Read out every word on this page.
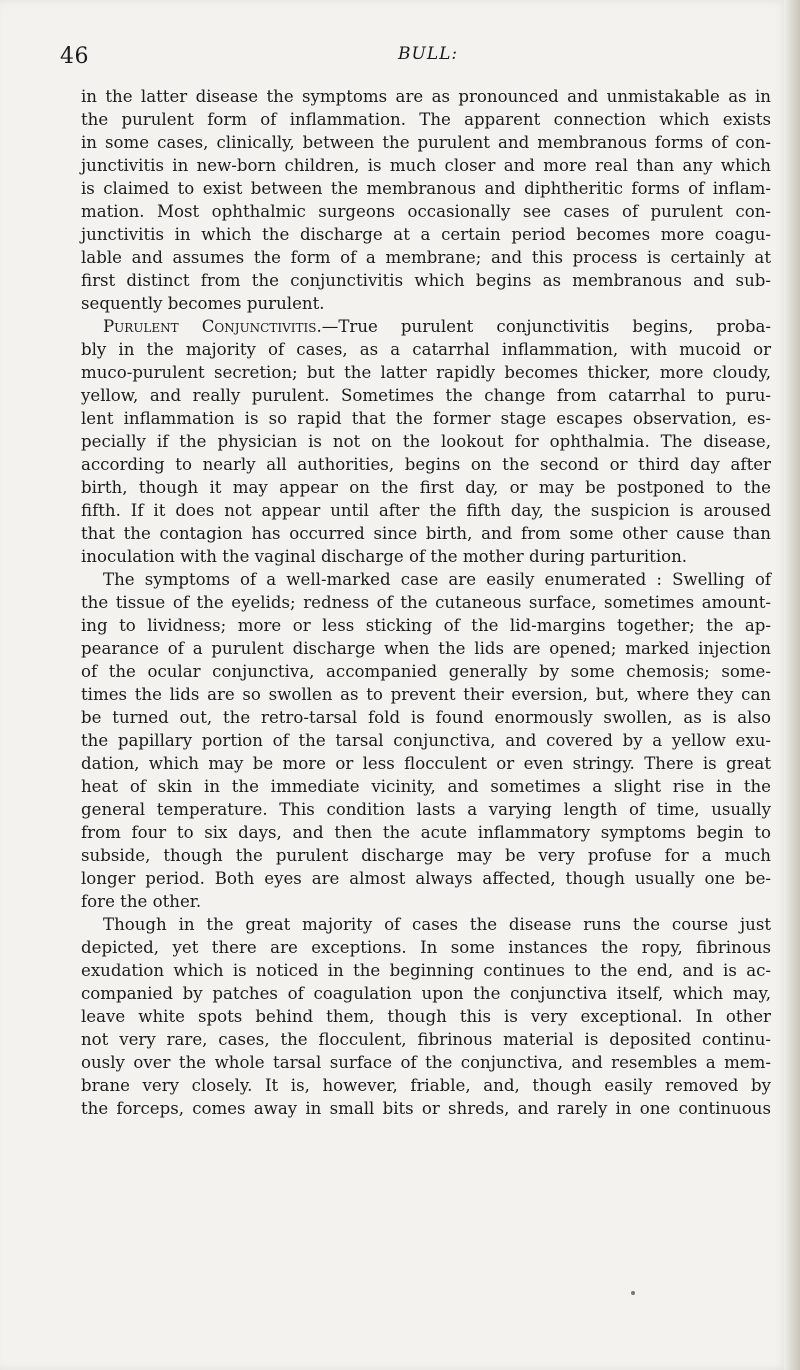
46	BULL:
in the latter disease the symptoms are as pronounced and unmistakable as in
the purulent form of inflammation. The apparent connection which exists
in some cases, clinically, between the purulent and membranous forms of con-
junctivitis in new-born children, is much closer and more real than any which
is claimed to exist between the membranous and diphtheritic forms of inflam-
mation. Most ophthalmic surgeons occasionally see cases of purulent con-
junctivitis in which the discharge at a certain period becomes more coagu-
lable and assumes the form of a membrane; and this process is certainly at
first distinct from the conjunctivitis which begins as membranous and sub-
sequently becomes purulent.
Purulent Conjunctivitis.—True purulent conjunctivitis begins, proba-
bly in the majority of cases, as a catarrhal inflammation, with mucoid or
muco-purulent secretion; but the latter rapidly becomes thicker, more cloudy,
yellow, and really purulent. Sometimes the change from catarrhal to puru-
lent inflammation is so rapid that the former stage escapes observation, es-
pecially if the physician is not on the lookout for ophthalmia. The disease,
according to nearly all authorities, begins on the second or third day after
birth, though it may appear on the first day, or may be postponed to the
fifth. If it does not appear until after the fifth day, the suspicion is aroused
that the contagion has occurred since birth, and from some other cause than
inoculation with the vaginal discharge of the mother during parturition.
The symptoms of a well-marked case are easily enumerated : Swelling of
the tissue of the eyelids; redness of the cutaneous surface, sometimes amount-
ing to lividness; more or less sticking of the lid-margins together; the ap-
pearance of a purulent discharge when the lids are opened; marked injection
of the ocular conjunctiva, accompanied generally by some chemosis; some-
times the lids are so swollen as to prevent their eversion, but, where they can
be turned out, the retro-tarsal fold is found enormously swollen, as is also
the papillary portion of the tarsal conjunctiva, and covered by a yellow exu-
dation, which may be more or less flocculent or even stringy. There is great
heat of skin in the immediate vicinity, and sometimes a slight rise in the
general temperature. This condition lasts a varying length of time, usually
from four to six days, and then the acute inflammatory symptoms begin to
subside, though the purulent discharge may be very profuse for a much
longer period. Both eyes are almost always affected, though usually one be-
fore the other.
Though in the great majority of cases the disease runs the course just
depicted, yet there are exceptions. In some instances the ropy, fibrinous
exudation which is noticed in the beginning continues to the end, and is ac-
companied by patches of coagulation upon the conjunctiva itself, which may,
leave white spots behind them, though this is very exceptional. In other
not very rare, cases, the flocculent, fibrinous material is deposited continu-
ously over the whole tarsal surface of the conjunctiva, and resembles a mem-
brane very closely. It is, however, friable, and, though easily removed by
the forceps, comes away in small bits or shreds, and rarely in one continuous
